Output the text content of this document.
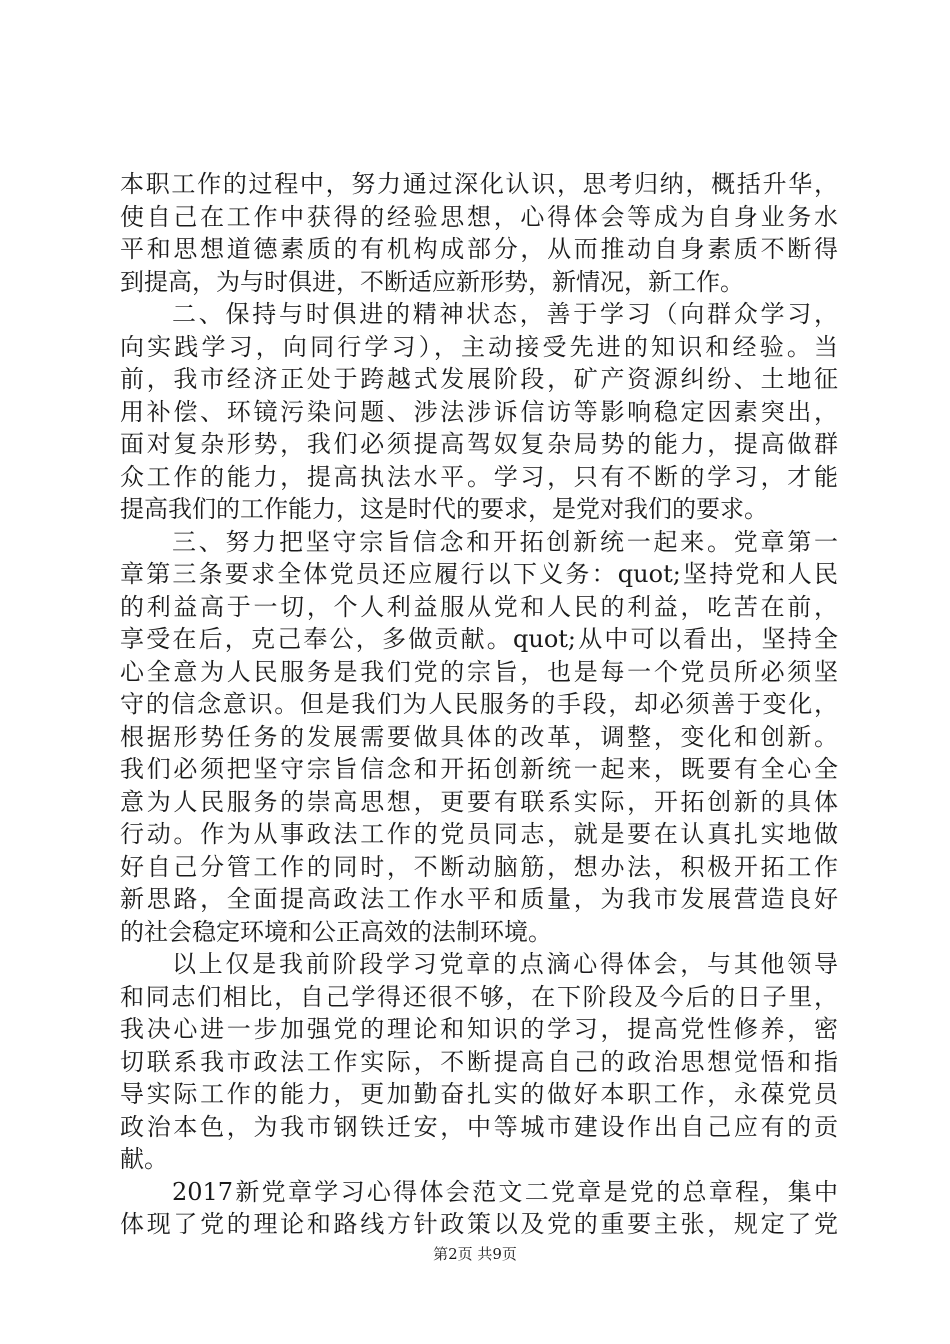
本职工作的过程中，努力通过深化认识，思考归纳，概括升华，
使自己在工作中获得的经验思想，心得体会等成为自身业务水
平和思想道德素质的有机构成部分，从而推动自身素质不断得
到提高，为与时俱进，不断适应新形势，新情况，新工作。
二、保持与时俱进的精神状态，善于学习（向群众学习，
向实践学习，向同行学习），主动接受先进的知识和经验。当
前，我市经济正处于跨越式发展阶段，矿产资源纠纷、土地征
用补偿、环镜污染问题、涉法涉诉信访等影响稳定因素突出，
面对复杂形势，我们必须提高驾奴复杂局势的能力，提高做群
众工作的能力，提高执法水平。学习，只有不断的学习，才能
提高我们的工作能力，这是时代的要求，是党对我们的要求。
三、努力把坚守宗旨信念和开拓创新统一起来。党章第一
章第三条要求全体党员还应履行以下义务：quot;坚持党和人民
的利益高于一切，个人利益服从党和人民的利益，吃苦在前，
享受在后，克己奉公，多做贡献。quot;从中可以看出，坚持全
心全意为人民服务是我们党的宗旨，也是每一个党员所必须坚
守的信念意识。但是我们为人民服务的手段，却必须善于变化，
根据形势任务的发展需要做具体的改革，调整，变化和创新。
我们必须把坚守宗旨信念和开拓创新统一起来，既要有全心全
意为人民服务的崇高思想，更要有联系实际，开拓创新的具体
行动。作为从事政法工作的党员同志，就是要在认真扎实地做
好自己分管工作的同时，不断动脑筋，想办法，积极开拓工作
新思路，全面提高政法工作水平和质量，为我市发展营造良好
的社会稳定环境和公正高效的法制环境。
以上仅是我前阶段学习党章的点滴心得体会，与其他领导
和同志们相比，自己学得还很不够，在下阶段及今后的日子里，
我决心进一步加强党的理论和知识的学习，提高党性修养，密
切联系我市政法工作实际，不断提高自己的政治思想觉悟和指
导实际工作的能力，更加勤奋扎实的做好本职工作，永葆党员
政治本色，为我市钢铁迁安，中等城市建设作出自己应有的贡
献。
2017新党章学习心得体会范文二党章是党的总章程，集中
体现了党的理论和路线方针政策以及党的重要主张，规定了党
第2页 共9页
